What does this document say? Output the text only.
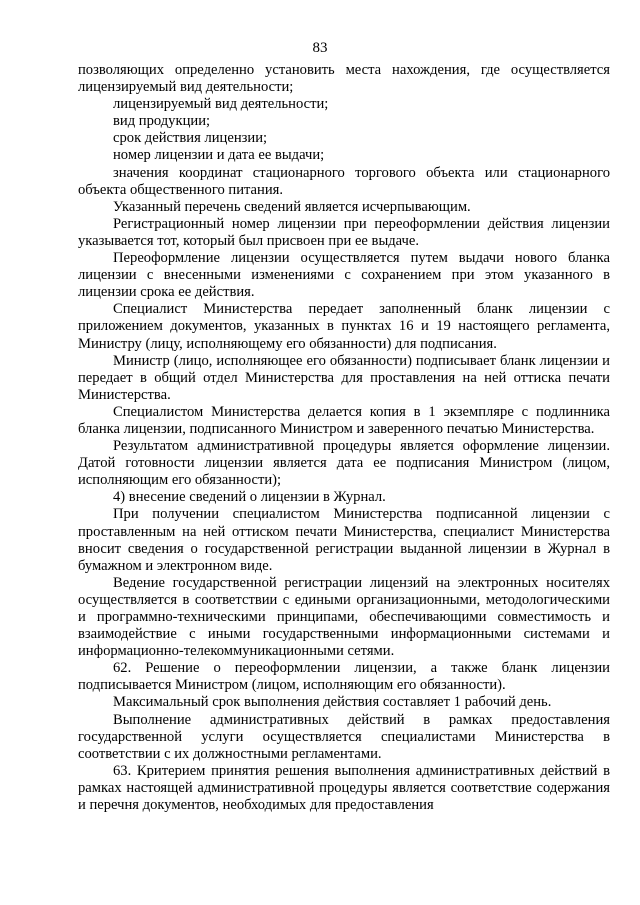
83

позволяющих определенно установить места нахождения, где осуществляется лицензируемый вид деятельности;

лицензируемый вид деятельности;

вид продукции;

срок действия лицензии;

номер лицензии и дата ее выдачи;

значения координат стационарного торгового объекта или стационарного объекта общественного питания.

Указанный перечень сведений является исчерпывающим.

Регистрационный номер лицензии при переоформлении действия лицензии указывается тот, который был присвоен при ее выдаче.

Переоформление лицензии осуществляется путем выдачи нового бланка лицензии с внесенными изменениями с сохранением при этом указанного в лицензии срока ее действия.

Специалист Министерства передает заполненный бланк лицензии с приложением документов, указанных в пунктах 16 и 19 настоящего регламента, Министру (лицу, исполняющему его обязанности) для подписания.

Министр (лицо, исполняющее его обязанности) подписывает бланк лицензии и передает в общий отдел Министерства для проставления на ней оттиска печати Министерства.

Специалистом Министерства делается копия в 1 экземпляре с подлинника бланка лицензии, подписанного Министром и заверенного печатью Министерства.

Результатом административной процедуры является оформление лицензии. Датой готовности лицензии является дата ее подписания Министром (лицом, исполняющим его обязанности);

4) внесение сведений о лицензии в Журнал.

При получении специалистом Министерства подписанной лицензии с проставленным на ней оттиском печати Министерства, специалист Министерства вносит сведения о государственной регистрации выданной лицензии в Журнал в бумажном и электронном виде.

Ведение государственной регистрации лицензий на электронных носителях осуществляется в соответствии с едиными организационными, методологическими и программно-техническими принципами, обеспечивающими совместимость и взаимодействие с иными государственными информационными системами и информационно-телекоммуникационными сетями.

62. Решение о переоформлении лицензии, а также бланк лицензии подписывается Министром (лицом, исполняющим его обязанности).

Максимальный срок выполнения действия составляет 1 рабочий день.

Выполнение административных действий в рамках предоставления государственной услуги осуществляется специалистами Министерства в соответствии с их должностными регламентами.

63. Критерием принятия решения выполнения административных действий в рамках настоящей административной процедуры является соответствие содержания и перечня документов, необходимых для предоставления
